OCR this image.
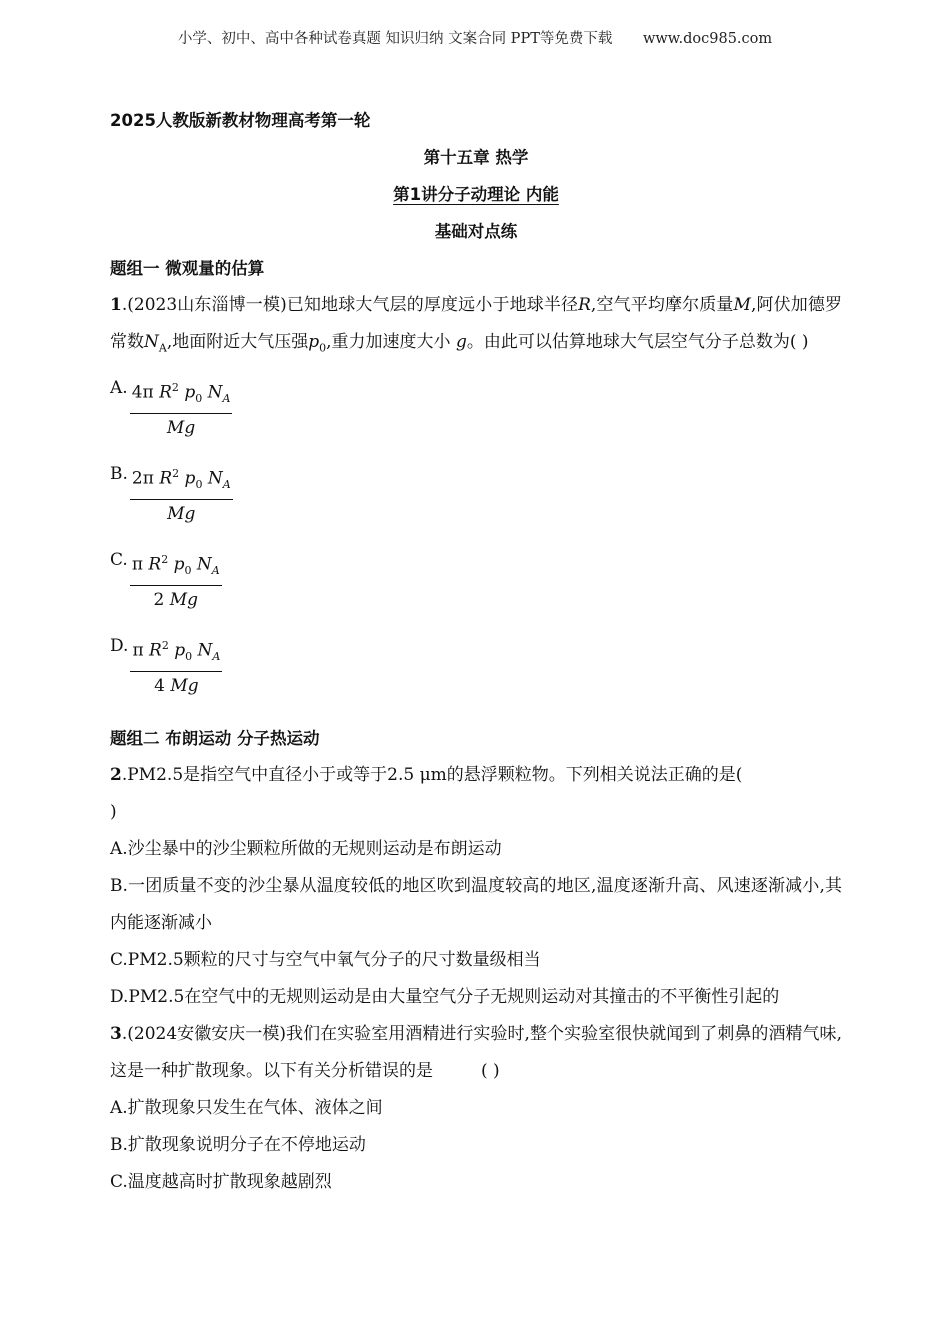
小学、初中、高中各种试卷真题 知识归纳 文案合同 PPT等免费下载 www.doc985.com
2025人教版新教材物理高考第一轮
第十五章 热学
第1讲分子动理论 内能
基础对点练
题组一 微观量的估算
1.(2023山东淄博一模)已知地球大气层的厚度远小于地球半径R,空气平均摩尔质量M,阿伏加德罗常数$N_A$,地面附近大气压强$p_0$,重力加速度大小 g。由此可以估算地球大气层空气分子总数为( )
A. $\frac{4\pi R^2 p_0 N_A}{Mg}$
B. $\frac{2\pi R^2 p_0 N_A}{Mg}$
C. $\frac{\pi R^2 p_0 N_A}{2 Mg}$
D. $\frac{\pi R^2 p_0 N_A}{4 Mg}$
题组二 布朗运动 分子热运动
2.PM2.5是指空气中直径小于或等于2.5 μm的悬浮颗粒物。下列相关说法正确的是(
)
A.沙尘暴中的沙尘颗粒所做的无规则运动是布朗运动
B.一团质量不变的沙尘暴从温度较低的地区吹到温度较高的地区,温度逐渐升高、风速逐渐减小,其内能逐渐减小
C.PM2.5颗粒的尺寸与空气中氧气分子的尺寸数量级相当
D.PM2.5在空气中的无规则运动是由大量空气分子无规则运动对其撞击的不平衡性引起的
3.(2024安徽安庆一模)我们在实验室用酒精进行实验时,整个实验室很快就闻到了刺鼻的酒精气味,这是一种扩散现象。以下有关分析错误的是	( )
A.扩散现象只发生在气体、液体之间
B.扩散现象说明分子在不停地运动
C.温度越高时扩散现象越剧烈
